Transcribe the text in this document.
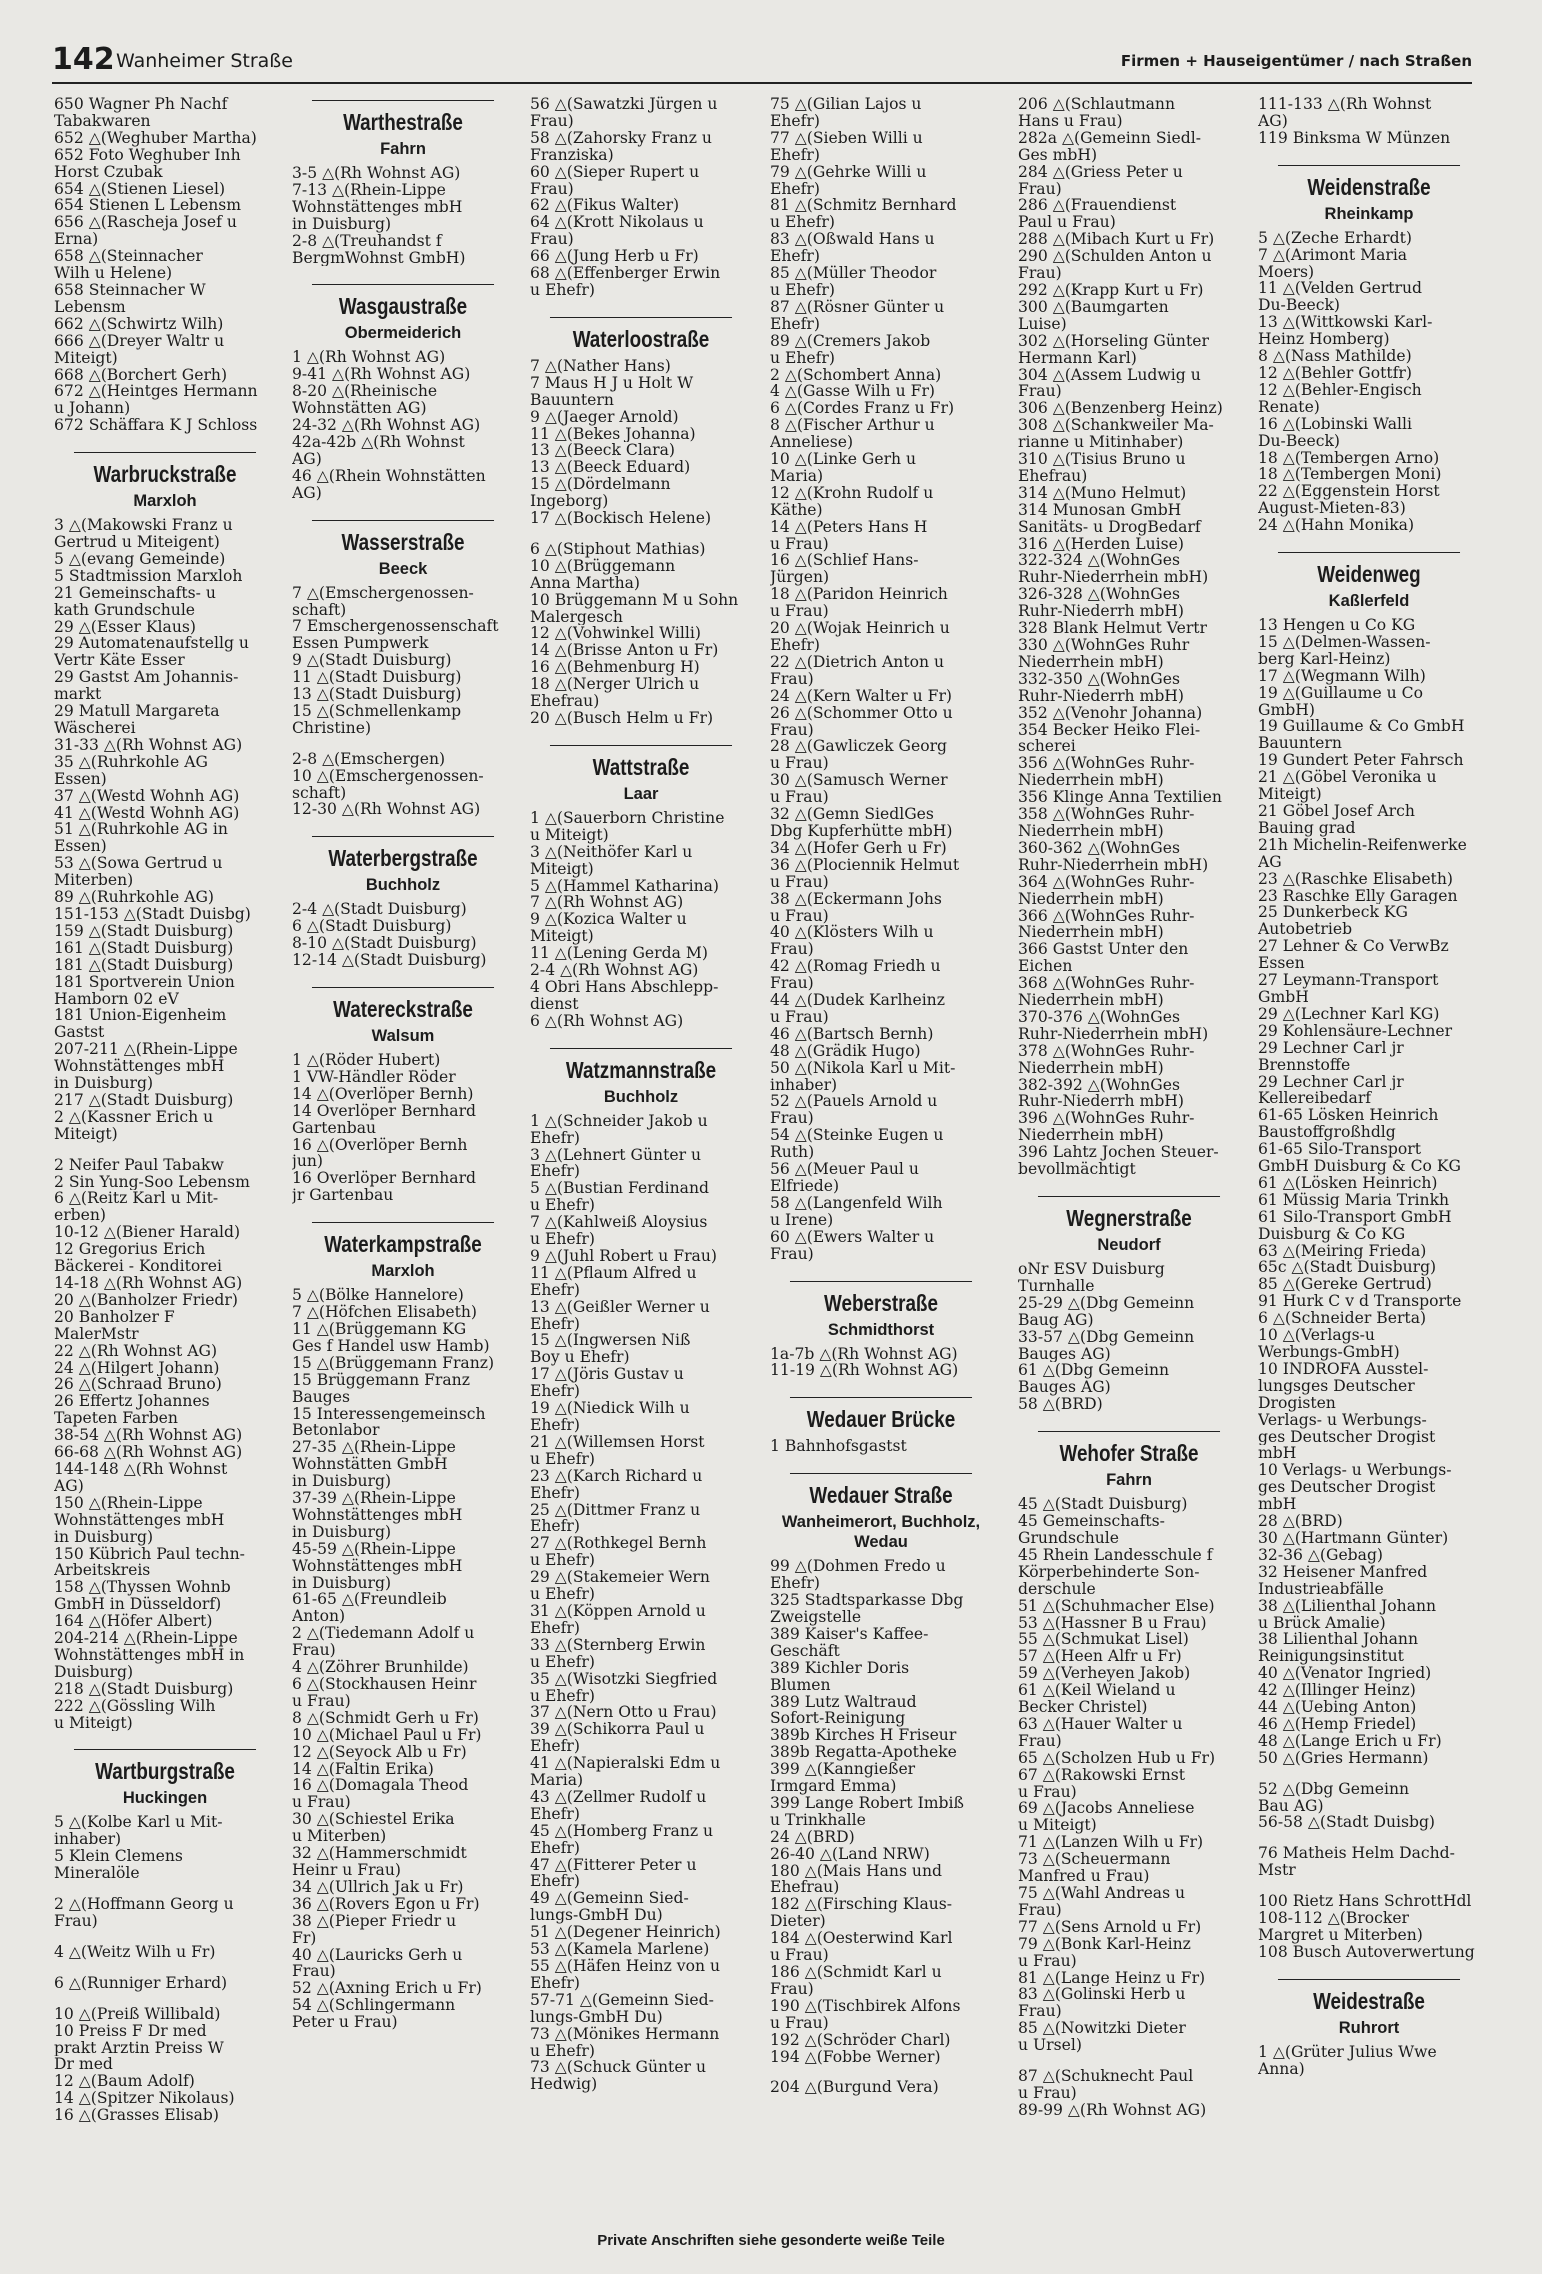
142 Wanheimer Straße	Firmen + Hauseigentümer / nach Straßen
650 Wagner Ph Nachf
Tabakwaren
652 △(Weghuber Martha)
652 Foto Weghuber Inh
Horst Czubak
654 △(Stienen Liesel)
654 Stienen L Lebensm
656 △(Rascheja Josef u
Erna)
658 △(Steinnacher
Wilh u Helene)
658 Steinnacher W
Lebensm
662 △(Schwirtz Wilh)
666 △(Dreyer Waltr u
Miteigt)
668 △(Borchert Gerh)
672 △(Heintges Hermann
u Johann)
672 Schäffara K J Schloss
Warbruckstraße
Marxloh
3 △(Makowski Franz u
Gertrud u Miteigent)
5 △(evang Gemeinde)
5 Stadtmission Marxloh
21 Gemeinschafts- u
kath Grundschule
29 △(Esser Klaus)
29 Automatenaufstellg u
Vertr Käte Esser
29 Gastst Am Johannis-
markt
29 Matull Margareta
Wäscherei
31-33 △(Rh Wohnst AG)
35 △(Ruhrkohle AG
Essen)
37 △(Westd Wohnh AG)
41 △(Westd Wohnh AG)
51 △(Ruhrkohle AG in
Essen)
53 △(Sowa Gertrud u
Miterben)
89 △(Ruhrkohle AG)
151-153 △(Stadt Duisbg)
159 △(Stadt Duisburg)
161 △(Stadt Duisburg)
181 △(Stadt Duisburg)
181 Sportverein Union
Hamborn 02 eV
181 Union-Eigenheim
Gastst
207-211 △(Rhein-Lippe
Wohnstättenges mbH
in Duisburg)
217 △(Stadt Duisburg)
2 △(Kassner Erich u
Miteigt)
2 Neifer Paul Tabakw
2 Sin Yung-Soo Lebensm
6 △(Reitz Karl u Mit-
erben)
10-12 △(Biener Harald)
12 Gregorius Erich
Bäckerei - Konditorei
14-18 △(Rh Wohnst AG)
20 △(Banholzer Friedr)
20 Banholzer F
MalerMstr
22 △(Rh Wohnst AG)
24 △(Hilgert Johann)
26 △(Schraad Bruno)
26 Effertz Johannes
Tapeten Farben
38-54 △(Rh Wohnst AG)
66-68 △(Rh Wohnst AG)
144-148 △(Rh Wohnst
AG)
150 △(Rhein-Lippe
Wohnstättenges mbH
in Duisburg)
150 Kübrich Paul techn-
Arbeitskreis
158 △(Thyssen Wohnb
GmbH in Düsseldorf)
164 △(Höfer Albert)
204-214 △(Rhein-Lippe
Wohnstättenges mbH in
Duisburg)
218 △(Stadt Duisburg)
222 △(Gössling Wilh
u Miteigt)
Wartburgstraße
Huckingen
5 △(Kolbe Karl u Mit-
inhaber)
5 Klein Clemens
Mineralöle
2 △(Hoffmann Georg u
Frau)
4 △(Weitz Wilh u Fr)
6 △(Runniger Erhard)
10 △(Preiß Willibald)
10 Preiss F Dr med
prakt Ärztin Preiss W
Dr med
12 △(Baum Adolf)
14 △(Spitzer Nikolaus)
16 △(Grasses Elisab)
Warthestraße
Fahrn
3-5 △(Rh Wohnst AG)
7-13 △(Rhein-Lippe
Wohnstättenges mbH
in Duisburg)
2-8 △(Treuhandst f
BergmWohnst GmbH)
Wasgaustraße
Obermeiderich
1 △(Rh Wohnst AG)
9-41 △(Rh Wohnst AG)
8-20 △(Rheinische
Wohnstätten AG)
24-32 △(Rh Wohnst AG)
42a-42b △(Rh Wohnst
AG)
46 △(Rhein Wohnstätten
AG)
Wasserstraße
Beeck
7 △(Emschergenossen-
schaft)
7 Emschergenossenschaft
Essen Pumpwerk
9 △(Stadt Duisburg)
11 △(Stadt Duisburg)
13 △(Stadt Duisburg)
15 △(Schmellenkamp
Christine)
2-8 △(Emschergen)
10 △(Emschergenossen-
schaft)
12-30 △(Rh Wohnst AG)
Waterbergstraße
Buchholz
2-4 △(Stadt Duisburg)
6 △(Stadt Duisburg)
8-10 △(Stadt Duisburg)
12-14 △(Stadt Duisburg)
Watereckstraße
Walsum
1 △(Röder Hubert)
1 VW-Händler Röder
14 △(Overlöper Bernh)
14 Overlöper Bernhard
Gartenbau
16 △(Overlöper Bernh
jun)
16 Overlöper Bernhard
jr Gartenbau
Waterkampstraße
Marxloh
5 △(Bölke Hannelore)
7 △(Höfchen Elisabeth)
11 △(Brüggemann KG
Ges f Handel usw Hamb)
15 △(Brüggemann Franz)
15 Brüggemann Franz
Bauges
15 Interessengemeinsch
Betonlabor
27-35 △(Rhein-Lippe
Wohnstätten GmbH
in Duisburg)
37-39 △(Rhein-Lippe
Wohnstättenges mbH
in Duisburg)
45-59 △(Rhein-Lippe
Wohnstättenges mbH
in Duisburg)
61-65 △(Freundleib
Anton)
2 △(Tiedemann Adolf u
Frau)
4 △(Zöhrer Brunhilde)
6 △(Stockhausen Heinr
u Frau)
8 △(Schmidt Gerh u Fr)
10 △(Michael Paul u Fr)
12 △(Seyock Alb u Fr)
14 △(Faltin Erika)
16 △(Domagala Theod
u Frau)
30 △(Schiestel Erika
u Miterben)
32 △(Hammerschmidt
Heinr u Frau)
34 △(Ullrich Jak u Fr)
36 △(Rovers Egon u Fr)
38 △(Pieper Friedr u
Fr)
40 △(Lauricks Gerh u
Frau)
52 △(Axning Erich u Fr)
54 △(Schlingermann
Peter u Frau)
56 △(Sawatzki Jürgen u
Frau)
58 △(Zahorsky Franz u
Franziska)
60 △(Sieper Rupert u
Frau)
62 △(Fikus Walter)
64 △(Krott Nikolaus u
Frau)
66 △(Jung Herb u Fr)
68 △(Effenberger Erwin
u Ehefr)
Waterloostraße
7 △(Nather Hans)
7 Maus H J u Holt W
Bauuntern
9 △(Jaeger Arnold)
11 △(Bekes Johanna)
13 △(Beeck Clara)
13 △(Beeck Eduard)
15 △(Dördelmann
Ingeborg)
17 △(Bockisch Helene)
6 △(Stiphout Mathias)
10 △(Brüggemann
Anna Martha)
10 Brüggemann M u Sohn
Malergesch
12 △(Vohwinkel Willi)
14 △(Brisse Anton u Fr)
16 △(Behmenburg H)
18 △(Nerger Ulrich u
Ehefrau)
20 △(Busch Helm u Fr)
Wattstraße
Laar
1 △(Sauerborn Christine
u Miteigt)
3 △(Neithöfer Karl u
Miteigt)
5 △(Hammel Katharina)
7 △(Rh Wohnst AG)
9 △(Kozica Walter u
Miteigt)
11 △(Lening Gerda M)
2-4 △(Rh Wohnst AG)
4 Obri Hans Abschlepp-
dienst
6 △(Rh Wohnst AG)
Watzmannstraße
Buchholz
1 △(Schneider Jakob u
Ehefr)
3 △(Lehnert Günter u
Ehefr)
5 △(Bustian Ferdinand
u Ehefr)
7 △(Kahlweiß Aloysius
u Ehefr)
9 △(Juhl Robert u Frau)
11 △(Pflaum Alfred u
Ehefr)
13 △(Geißler Werner u
Ehefr)
15 △(Ingwersen Niß
Boy u Ehefr)
17 △(Jöris Gustav u
Ehefr)
19 △(Niedick Wilh u
Ehefr)
21 △(Willemsen Horst
u Ehefr)
23 △(Karch Richard u
Ehefr)
25 △(Dittmer Franz u
Ehefr)
27 △(Rothkegel Bernh
u Ehefr)
29 △(Stakemeier Wern
u Ehefr)
31 △(Köppen Arnold u
Ehefr)
33 △(Sternberg Erwin
u Ehefr)
35 △(Wisotzki Siegfried
u Ehefr)
37 △(Nern Otto u Frau)
39 △(Schikorra Paul u
Ehefr)
41 △(Napieralski Edm u
Maria)
43 △(Zellmer Rudolf u
Ehefr)
45 △(Homberg Franz u
Ehefr)
47 △(Fitterer Peter u
Ehefr)
49 △(Gemeinn Sied-
lungs-GmbH Du)
51 △(Degener Heinrich)
53 △(Kamela Marlene)
55 △(Häfen Heinz von u
Ehefr)
57-71 △(Gemeinn Sied-
lungs-GmbH Du)
73 △(Mönikes Hermann
u Ehefr)
73 △(Schuck Günter u
Hedwig)
75 △(Gilian Lajos u
Ehefr)
77 △(Sieben Willi u
Ehefr)
79 △(Gehrke Willi u
Ehefr)
81 △(Schmitz Bernhard
u Ehefr)
83 △(Oßwald Hans u
Ehefr)
85 △(Müller Theodor
u Ehefr)
87 △(Rösner Günter u
Ehefr)
89 △(Cremers Jakob
u Ehefr)
2 △(Schombert Anna)
4 △(Gasse Wilh u Fr)
6 △(Cordes Franz u Fr)
8 △(Fischer Arthur u
Anneliese)
10 △(Linke Gerh u
Maria)
12 △(Krohn Rudolf u
Käthe)
14 △(Peters Hans H
u Frau)
16 △(Schlief Hans-
Jürgen)
18 △(Paridon Heinrich
u Frau)
20 △(Wojak Heinrich u
Ehefr)
22 △(Dietrich Anton u
Frau)
24 △(Kern Walter u Fr)
26 △(Schommer Otto u
Frau)
28 △(Gawliczek Georg
u Frau)
30 △(Samusch Werner
u Frau)
32 △(Gemn SiedlGes
Dbg Kupferhütte mbH)
34 △(Hofer Gerh u Fr)
36 △(Plociennik Helmut
u Frau)
38 △(Eckermann Johs
u Frau)
40 △(Klösters Wilh u
Frau)
42 △(Romag Friedh u
Frau)
44 △(Dudek Karlheinz
u Frau)
46 △(Bartsch Bernh)
48 △(Grädik Hugo)
50 △(Nikola Karl u Mit-
inhaber)
52 △(Pauels Arnold u
Frau)
54 △(Steinke Eugen u
Ruth)
56 △(Meuer Paul u
Elfriede)
58 △(Langenfeld Wilh
u Irene)
60 △(Ewers Walter u
Frau)
Weberstraße
Schmidthorst
1a-7b △(Rh Wohnst AG)
11-19 △(Rh Wohnst AG)
Wedauer Brücke
1 Bahnhofsgastst
Wedauer Straße
Wanheimerort, Buchholz, Wedau
99 △(Dohmen Fredo u
Ehefr)
325 Stadtsparkasse Dbg
Zweigstelle
389 Kaiser's Kaffee-
Geschäft
389 Kichler Doris
Blumen
389 Lutz Waltraud
Sofort-Reinigung
389b Kirches H Friseur
389b Regatta-Apotheke
399 △(Kanngießer
Irmgard Emma)
399 Lange Robert Imbiß
u Trinkhalle
24 △(BRD)
26-40 △(Land NRW)
180 △(Mais Hans und
Ehefrau)
182 △(Firsching Klaus-
Dieter)
184 △(Oesterwind Karl
u Frau)
186 △(Schmidt Karl u
Frau)
190 △(Tischbirek Alfons
u Frau)
192 △(Schröder Charl)
194 △(Fobbe Werner)
204 △(Burgund Vera)
206 △(Schlautmann
Hans u Frau)
282a △(Gemeinn Siedl-
Ges mbH)
284 △(Griess Peter u
Frau)
286 △(Frauendienst
Paul u Frau)
288 △(Mibach Kurt u Fr)
290 △(Schulden Anton u
Frau)
292 △(Krapp Kurt u Fr)
300 △(Baumgarten
Luise)
302 △(Horseling Günter
Hermann Karl)
304 △(Assem Ludwig u
Frau)
306 △(Benzenberg Heinz)
308 △(Schankweiler Ma-
rianne u Mitinhaber)
310 △(Tisius Bruno u
Ehefrau)
314 △(Muno Helmut)
314 Munosan GmbH
Sanitäts- u DrogBedarf
316 △(Herden Luise)
322-324 △(WohnGes
Ruhr-Niederrhein mbH)
326-328 △(WohnGes
Ruhr-Niederrh mbH)
328 Blank Helmut Vertr
330 △(WohnGes Ruhr
Niederrhein mbH)
332-350 △(WohnGes
Ruhr-Niederrh mbH)
352 △(Venohr Johanna)
354 Becker Heiko Flei-
scherei
356 △(WohnGes Ruhr-
Niederrhein mbH)
356 Klinge Anna Textilien
358 △(WohnGes Ruhr-
Niederrhein mbH)
360-362 △(WohnGes
Ruhr-Niederrhein mbH)
364 △(WohnGes Ruhr-
Niederrhein mbH)
366 △(WohnGes Ruhr-
Niederrhein mbH)
366 Gastst Unter den
Eichen
368 △(WohnGes Ruhr-
Niederrhein mbH)
370-376 △(WohnGes
Ruhr-Niederrhein mbH)
378 △(WohnGes Ruhr-
Niederrhein mbH)
382-392 △(WohnGes
Ruhr-Niederrh mbH)
396 △(WohnGes Ruhr-
Niederrhein mbH)
396 Lahtz Jochen Steuer-
bevollmächtigt
Wegnerstraße
Neudorf
oNr ESV Duisburg
Turnhalle
25-29 △(Dbg Gemeinn
Baug AG)
33-57 △(Dbg Gemeinn
Bauges AG)
61 △(Dbg Gemeinn
Bauges AG)
58 △(BRD)
Wehofer Straße
Fahrn
45 △(Stadt Duisburg)
45 Gemeinschafts-
Grundschule
45 Rhein Landesschule f
Körperbehinderte Son-
derschule
51 △(Schuhmacher Else)
53 △(Hassner B u Frau)
55 △(Schmukat Lisel)
57 △(Heen Alfr u Fr)
59 △(Verheyen Jakob)
61 △(Keil Wieland u
Becker Christel)
63 △(Hauer Walter u
Frau)
65 △(Scholzen Hub u Fr)
67 △(Rakowski Ernst
u Frau)
69 △(Jacobs Anneliese
u Miteigt)
71 △(Lanzen Wilh u Fr)
73 △(Scheuermann
Manfred u Frau)
75 △(Wahl Andreas u
Frau)
77 △(Sens Arnold u Fr)
79 △(Bonk Karl-Heinz
u Frau)
81 △(Lange Heinz u Fr)
83 △(Golinski Herb u
Frau)
85 △(Nowitzki Dieter
u Ursel)
87 △(Schuknecht Paul
u Frau)
89-99 △(Rh Wohnst AG)
111-133 △(Rh Wohnst
AG)
119 Binksma W Münzen
Weidenstraße
Rheinkamp
5 △(Zeche Erhardt)
7 △(Arimont Maria
Moers)
11 △(Velden Gertrud
Du-Beeck)
13 △(Wittkowski Karl-
Heinz Homberg)
8 △(Nass Mathilde)
12 △(Behler Gottfr)
12 △(Behler-Engisch
Renate)
16 △(Lobinski Walli
Du-Beeck)
18 △(Tembergen Arno)
18 △(Tembergen Moni)
22 △(Eggenstein Horst
August-Mieten-83)
24 △(Hahn Monika)
Weidenweg
Kaßlerfeld
13 Hengen u Co KG
15 △(Delmen-Wassen-
berg Karl-Heinz)
17 △(Wegmann Wilh)
19 △(Guillaume u Co
GmbH)
19 Guillaume & Co GmbH
Bauuntern
19 Gundert Peter Fahrsch
21 △(Göbel Veronika u
Miteigt)
21 Göbel Josef Arch
Bauing grad
21h Michelin-Reifenwerke
AG
23 △(Raschke Elisabeth)
23 Raschke Elly Garagen
25 Dunkerbeck KG
Autobetrieb
27 Lehner & Co VerwBz
Essen
27 Leymann-Transport
GmbH
29 △(Lechner Karl KG)
29 Kohlensäure-Lechner
29 Lechner Carl jr
Brennstoffe
29 Lechner Carl jr
Kellereibedarf
61-65 Lösken Heinrich
Baustoffgroßhdlg
61-65 Silo-Transport
GmbH Duisburg & Co KG
61 △(Lösken Heinrich)
61 Müssig Maria Trinkh
61 Silo-Transport GmbH
Duisburg & Co KG
63 △(Meiring Frieda)
65c △(Stadt Duisburg)
85 △(Gereke Gertrud)
91 Hurk C v d Transporte
6 △(Schneider Berta)
10 △(Verlags-u
Werbungs-GmbH)
10 INDROFA Ausstel-
lungsges Deutscher
Drogisten
Verlags- u Werbungs-
ges Deutscher Drogist
mbH
10 Verlags- u Werbungs-
ges Deutscher Drogist
mbH
28 △(BRD)
30 △(Hartmann Günter)
32-36 △(Gebag)
32 Heisener Manfred
Industrieabfälle
38 △(Lilienthal Johann
u Brück Amalie)
38 Lilienthal Johann
Reinigungsinstitut
40 △(Venator Ingried)
42 △(Illinger Heinz)
44 △(Uebing Anton)
46 △(Hemp Friedel)
48 △(Lange Erich u Fr)
50 △(Gries Hermann)
52 △(Dbg Gemeinn
Bau AG)
56-58 △(Stadt Duisbg)
76 Matheis Helm Dachd-
Mstr
100 Rietz Hans SchrottHdl
108-112 △(Brocker
Margret u Miterben)
108 Busch Autoverwertung
Weidestraße
Ruhrort
1 △(Grüter Julius Wwe
Anna)
Private Anschriften siehe gesonderte weiße Teile
